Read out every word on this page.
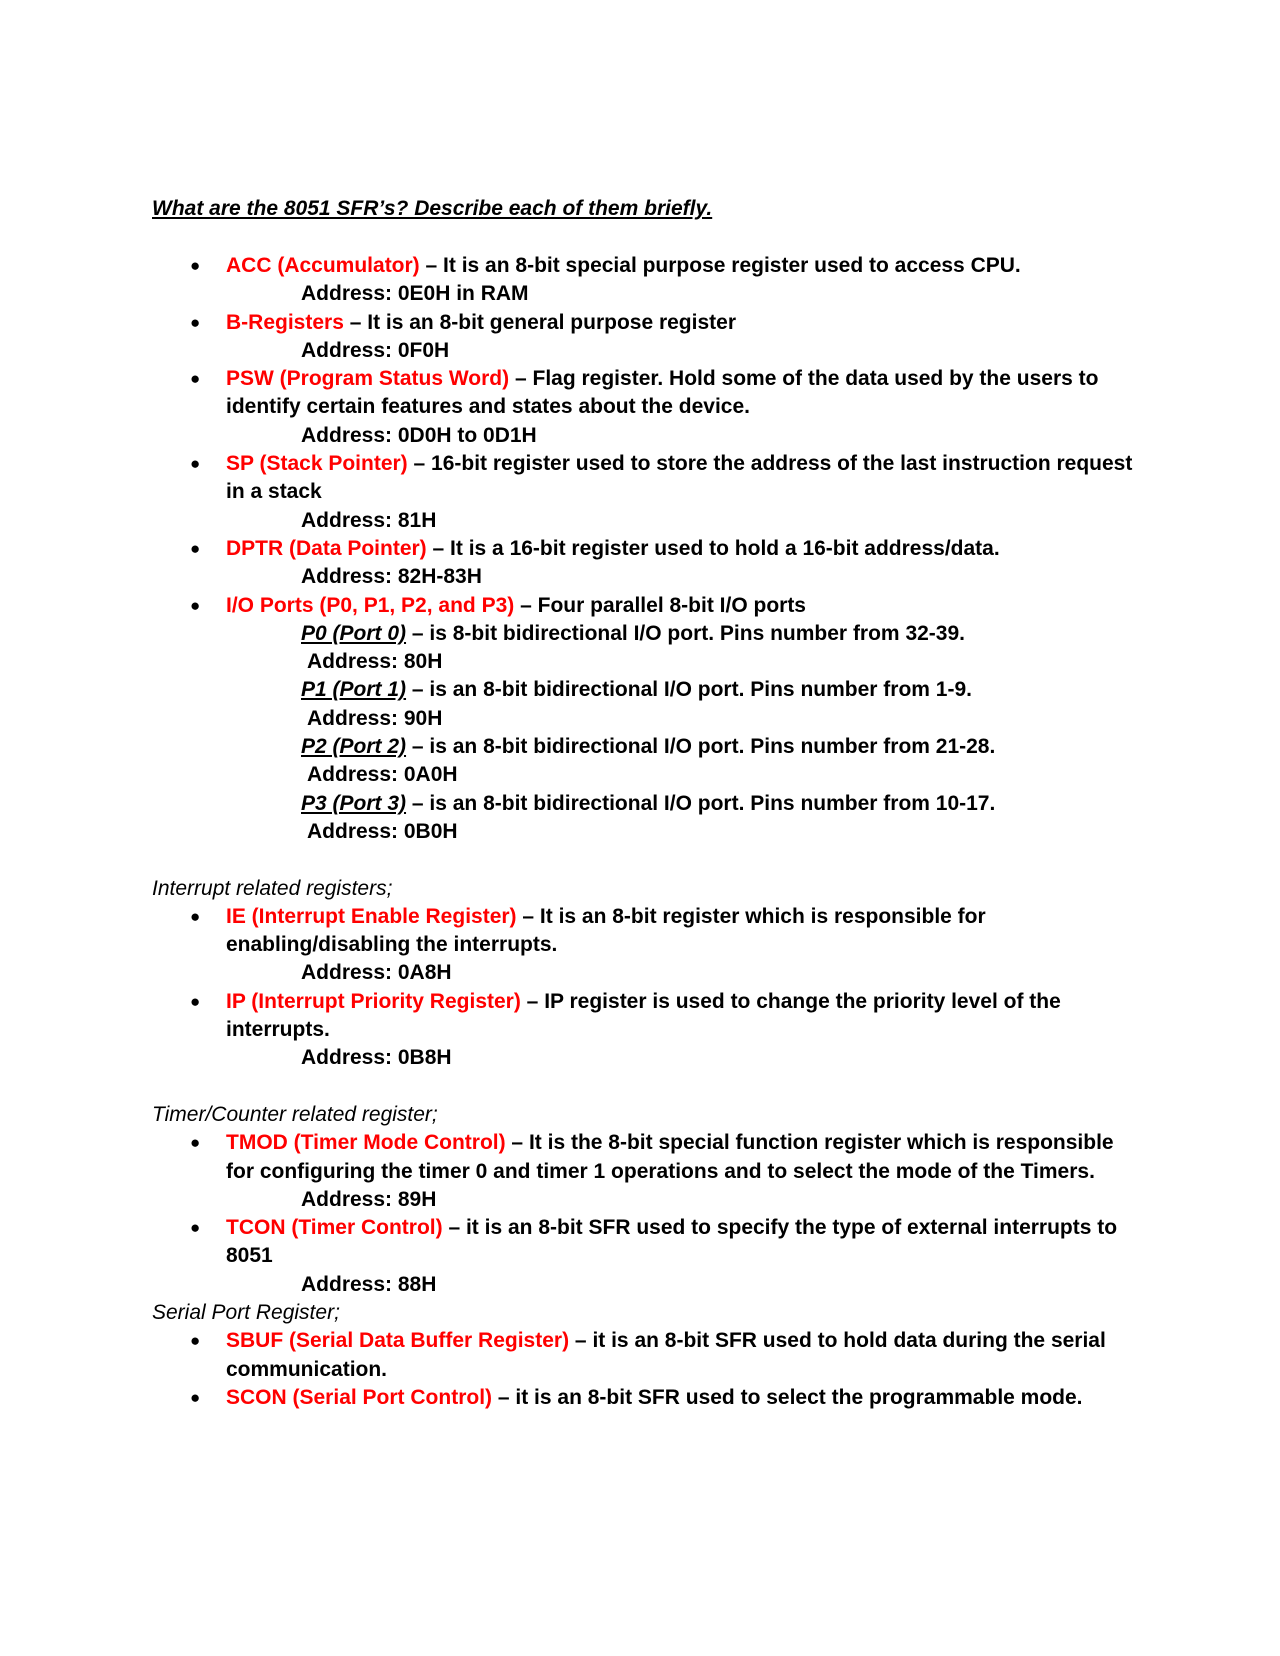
What are the 8051 SFR’s? Describe each of them briefly.
● ACC (Accumulator) – It is an 8-bit special purpose register used to access CPU.
Address: 0E0H in RAM
● B-Registers – It is an 8-bit general purpose register
Address: 0F0H
● PSW (Program Status Word) – Flag register. Hold some of the data used by the users to identify certain features and states about the device.
Address: 0D0H to 0D1H
● SP (Stack Pointer) – 16-bit register used to store the address of the last instruction request in a stack
Address: 81H
● DPTR (Data Pointer) – It is a 16-bit register used to hold a 16-bit address/data.
Address: 82H-83H
● I/O Ports (P0, P1, P2, and P3) – Four parallel 8-bit I/O ports
P0 (Port 0) – is 8-bit bidirectional I/O port. Pins number from 32-39.
Address: 80H
P1 (Port 1) – is an 8-bit bidirectional I/O port. Pins number from 1-9.
Address: 90H
P2 (Port 2) – is an 8-bit bidirectional I/O port. Pins number from 21-28.
Address: 0A0H
P3 (Port 3) – is an 8-bit bidirectional I/O port. Pins number from 10-17.
Address: 0B0H

Interrupt related registers;

● IE (Interrupt Enable Register) – It is an 8-bit register which is responsible for enabling/disabling the interrupts.
Address: 0A8H
● IP (Interrupt Priority Register) – IP register is used to change the priority level of the interrupts.
Address: 0B8H

Timer/Counter related register;

● TMOD (Timer Mode Control) – It is the 8-bit special function register which is responsible for configuring the timer 0 and timer 1 operations and to select the mode of the Timers.
Address: 89H
● TCON (Timer Control) – it is an 8-bit SFR used to specify the type of external interrupts to 8051
Address: 88H

Serial Port Register;

● SBUF (Serial Data Buffer Register) – it is an 8-bit SFR used to hold data during the serial communication.
● SCON (Serial Port Control) – it is an 8-bit SFR used to select the programmable mode.
